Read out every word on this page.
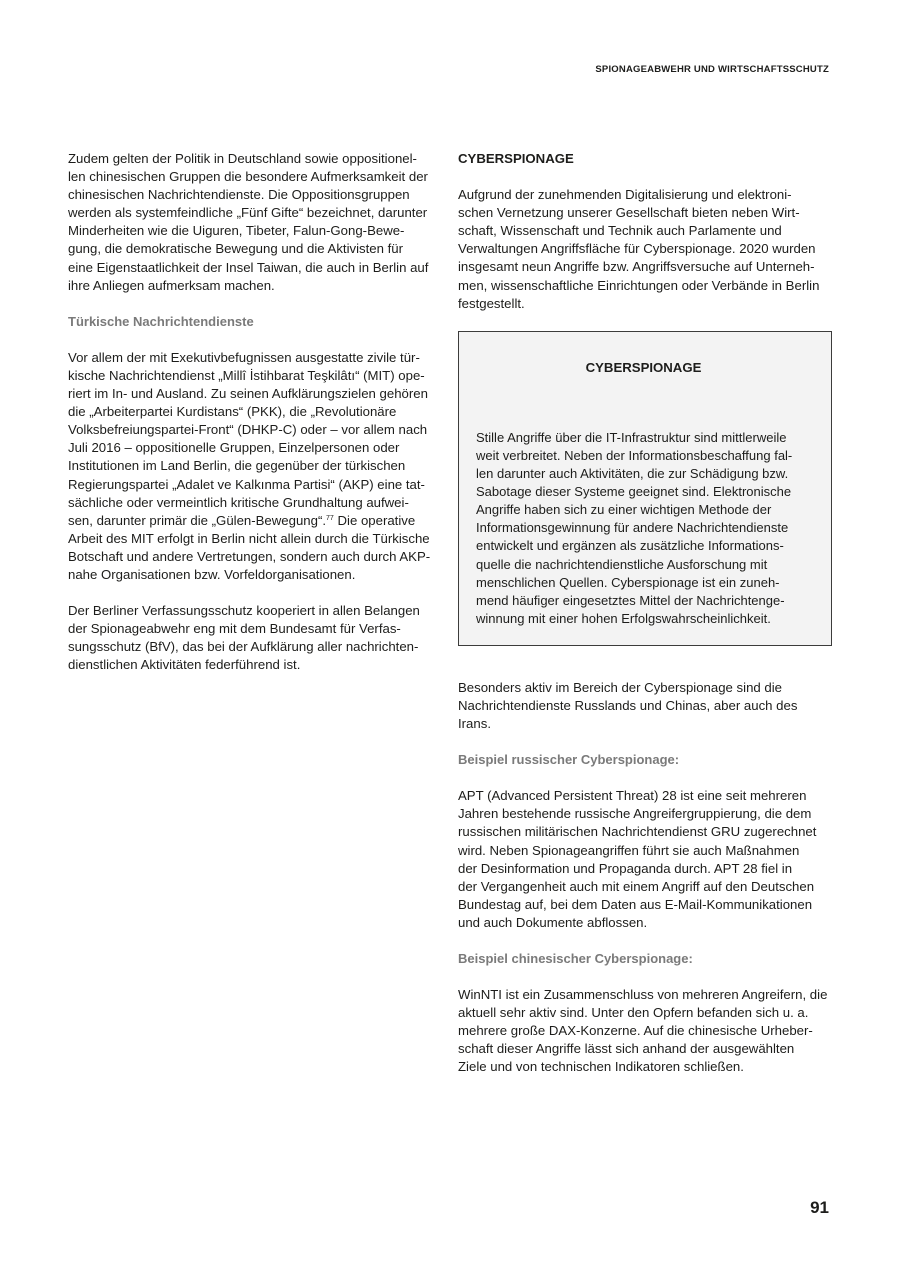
SPIONAGEABWEHR UND WIRTSCHAFTSSCHUTZ

Zudem gelten der Politik in Deutschland sowie oppositionel-
len chinesischen Gruppen die besondere Aufmerksamkeit der
chinesischen Nachrichtendienste. Die Oppositionsgruppen
werden als systemfeindliche „Fünf Gifte“ bezeichnet, darunter
Minderheiten wie die Uiguren, Tibeter, Falun-Gong-Bewe-
gung, die demokratische Bewegung und die Aktivisten für
eine Eigenstaatlichkeit der Insel Taiwan, die auch in Berlin auf
ihre Anliegen aufmerksam machen.

Türkische Nachrichtendienste

Vor allem der mit Exekutivbefugnissen ausgestatte zivile tür-
kische Nachrichtendienst „Millî İstihbarat Teşkilâtı“ (MIT) ope-
riert im In- und Ausland. Zu seinen Aufklärungszielen gehören
die „Arbeiterpartei Kurdistans“ (PKK), die „Revolutionäre
Volksbefreiungspartei-Front“ (DHKP-C) oder – vor allem nach
Juli 2016 – oppositionelle Gruppen, Einzelpersonen oder
Institutionen im Land Berlin, die gegenüber der türkischen
Regierungspartei „Adalet ve Kalkınma Partisi“ (AKP) eine tat-
sächliche oder vermeintlich kritische Grundhaltung aufwei-
sen, darunter primär die „Gülen-Bewegung“.$^{77}$ Die operative
Arbeit des MIT erfolgt in Berlin nicht allein durch die Türkische
Botschaft und andere Vertretungen, sondern auch durch AKP-
nahe Organisationen bzw. Vorfeldorganisationen.

Der Berliner Verfassungsschutz kooperiert in allen Belangen
der Spionageabwehr eng mit dem Bundesamt für Verfas-
sungsschutz (BfV), das bei der Aufklärung aller nachrichten-
dienstlichen Aktivitäten federführend ist.

CYBERSPIONAGE

Aufgrund der zunehmenden Digitalisierung und elektroni-
schen Vernetzung unserer Gesellschaft bieten neben Wirt-
schaft, Wissenschaft und Technik auch Parlamente und
Verwaltungen Angriffsfläche für Cyberspionage. 2020 wurden
insgesamt neun Angriffe bzw. Angriffsversuche auf Unterneh-
men, wissenschaftliche Einrichtungen oder Verbände in Berlin
festgestellt.

CYBERSPIONAGE

Stille Angriffe über die IT-Infrastruktur sind mittlerweile
weit verbreitet. Neben der Informationsbeschaffung fal-
len darunter auch Aktivitäten, die zur Schädigung bzw.
Sabotage dieser Systeme geeignet sind. Elektronische
Angriffe haben sich zu einer wichtigen Methode der
Informationsgewinnung für andere Nachrichtendienste
entwickelt und ergänzen als zusätzliche Informations-
quelle die nachrichtendienstliche Ausforschung mit
menschlichen Quellen. Cyberspionage ist ein zuneh-
mend häufiger eingesetztes Mittel der Nachrichtenge-
winnung mit einer hohen Erfolgswahrscheinlichkeit.

Besonders aktiv im Bereich der Cyberspionage sind die
Nachrichtendienste Russlands und Chinas, aber auch des
Irans.

Beispiel russischer Cyberspionage:

APT (Advanced Persistent Threat) 28 ist eine seit mehreren
Jahren bestehende russische Angreifergruppierung, die dem
russischen militärischen Nachrichtendienst GRU zugerechnet
wird. Neben Spionageangriffen führt sie auch Maßnahmen
der Desinformation und Propaganda durch. APT 28 fiel in
der Vergangenheit auch mit einem Angriff auf den Deutschen
Bundestag auf, bei dem Daten aus E-Mail-Kommunikationen
und auch Dokumente abflossen.

Beispiel chinesischer Cyberspionage:

WinNTI ist ein Zusammenschluss von mehreren Angreifern, die
aktuell sehr aktiv sind. Unter den Opfern befanden sich u. a.
mehrere große DAX-Konzerne. Auf die chinesische Urheber-
schaft dieser Angriffe lässt sich anhand der ausgewählten
Ziele und von technischen Indikatoren schließen.

91
